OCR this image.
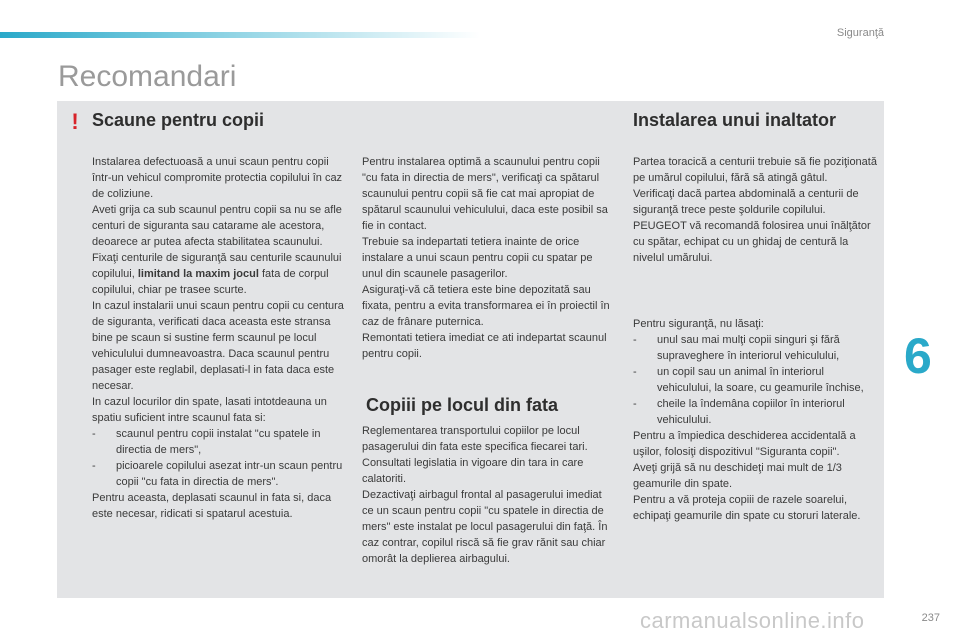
Siguranţă
Recomandari
! Scaune pentru copii	Instalarea unui inaltator

Instalarea defectuoasă a unui scaun pentru copii într-un vehicul compromite protectia copilului în caz de coliziune.

Aveti grija ca sub scaunul pentru copii sa nu se afle centuri de siguranta sau catarame ale acestora, deoarece ar putea afecta stabilitatea scaunului.

Fixaţi centurile de siguranţă sau centurile scaunului copilului, limitand la maxim jocul fata de corpul copilului, chiar pe trasee scurte.

In cazul instalarii unui scaun pentru copii cu centura de siguranta, verificati daca aceasta este stransa bine pe scaun si sustine ferm scaunul pe locul vehiculului dumneavoastra. Daca scaunul pentru pasager este reglabil, deplasati-l in fata daca este necesar.

In cazul locurilor din spate, lasati intotdeauna un spatiu suficient intre scaunul fata si:

-	scaunul pentru copii instalat "cu spatele in directia de mers",
-	picioarele copilului asezat intr-un scaun pentru copii "cu fata in directia de mers".

Pentru aceasta, deplasati scaunul in fata si, daca este necesar, ridicati si spatarul acestuia.

Pentru instalarea optimă a scaunului pentru copii "cu fata in directia de mers", verificaţi ca spătarul scaunului pentru copii să fie cat mai apropiat de spătarul scaunului vehiculului, daca este posibil sa fie in contact.

Trebuie sa indepartati tetiera inainte de orice instalare a unui scaun pentru copii cu spatar pe unul din scaunele pasagerilor.

Asiguraţi-vă că tetiera este bine depozitată sau fixata, pentru a evita transformarea ei în proiectil în caz de frânare puternica.

Remontati tetiera imediat ce ati indepartat scaunul pentru copii.

Copiii pe locul din fata

Reglementarea transportului copiilor pe locul pasagerului din fata este specifica fiecarei tari. Consultati legislatia in vigoare din tara in care calatoriti.

Dezactivaţi airbagul frontal al pasagerului imediat ce un scaun pentru copii "cu spatele in directia de mers" este instalat pe locul pasagerului din faţă. În caz contrar, copilul riscă să fie grav rănit sau chiar omorât la deplierea airbagului.

Partea toracică a centurii trebuie să fie poziţionată pe umărul copilului, fără să atingă gâtul.

Verificaţi dacă partea abdominală a centurii de siguranţă trece peste şoldurile copilului.

PEUGEOT vă recomandă folosirea unui înălţător cu spătar, echipat cu un ghidaj de centură la nivelul umărului.

Pentru siguranţă, nu lăsaţi:

-	unul sau mai mulţi copii singuri şi fără supraveghere în interiorul vehiculului,
-	un copil sau un animal în interiorul vehiculului, la soare, cu geamurile închise,
-	cheile la îndemâna copiilor în interiorul vehiculului.

Pentru a împiedica deschiderea accidentală a uşilor, folosiţi dispozitivul "Siguranta copii".

Aveţi grijă să nu deschideţi mai mult de 1/3 geamurile din spate.

Pentru a vă proteja copiii de razele soarelui, echipaţi geamurile din spate cu storuri laterale.

6
carmanualsonline.info	237
